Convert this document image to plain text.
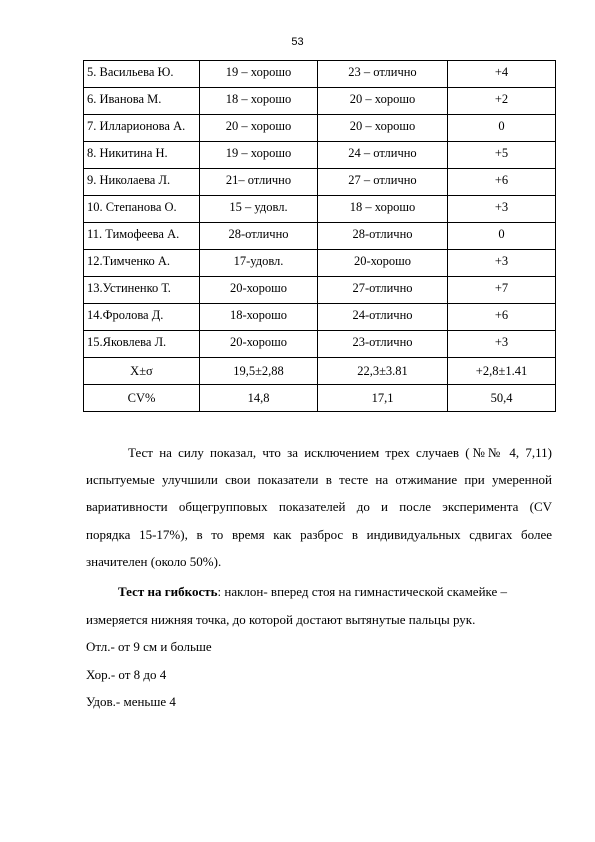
53
5. Васильева Ю.	19 – хорошо	23 – отлично	+4
6. Иванова М.	18 – хорошо	20 – хорошо	+2
7. Илларионова А.	20 – хорошо	20 – хорошо	0
8. Никитина Н.	19 – хорошо	24 – отлично	+5
9. Николаева Л.	21– отлично	27 – отлично	+6
10. Степанова О.	15 – удовл.	18 – хорошо	+3
11. Тимофеева А.	28-отлично	28-отлично	0
12.Тимченко А.	17-удовл.	20-хорошо	+3
13.Устиненко Т.	20-хорошо	27-отлично	+7
14.Фролова Д.	18-хорошо	24-отлично	+6
15.Яковлева Л.	20-хорошо	23-отлично	+3
Х±σ	19,5±2,88	22,3±3.81	+2,8±1.41
CV%	14,8	17,1	50,4
Тест на силу показал, что за исключением трех случаев (№№ 4, 7,11)
испытуемые улучшили свои показатели в тесте на отжимание при умеренной
вариативности общегрупповых показателей до и после эксперимента (CV
порядка 15-17%), в то время как разброс в индивидуальных сдвигах более
значителен (около 50%).
Тест на гибкость: наклон- вперед стоя на гимнастической скамейке –
измеряется нижняя точка, до которой достают вытянутые пальцы рук.
Отл.- от 9 см и больше
Хор.- от 8 до 4
Удов.- меньше 4
